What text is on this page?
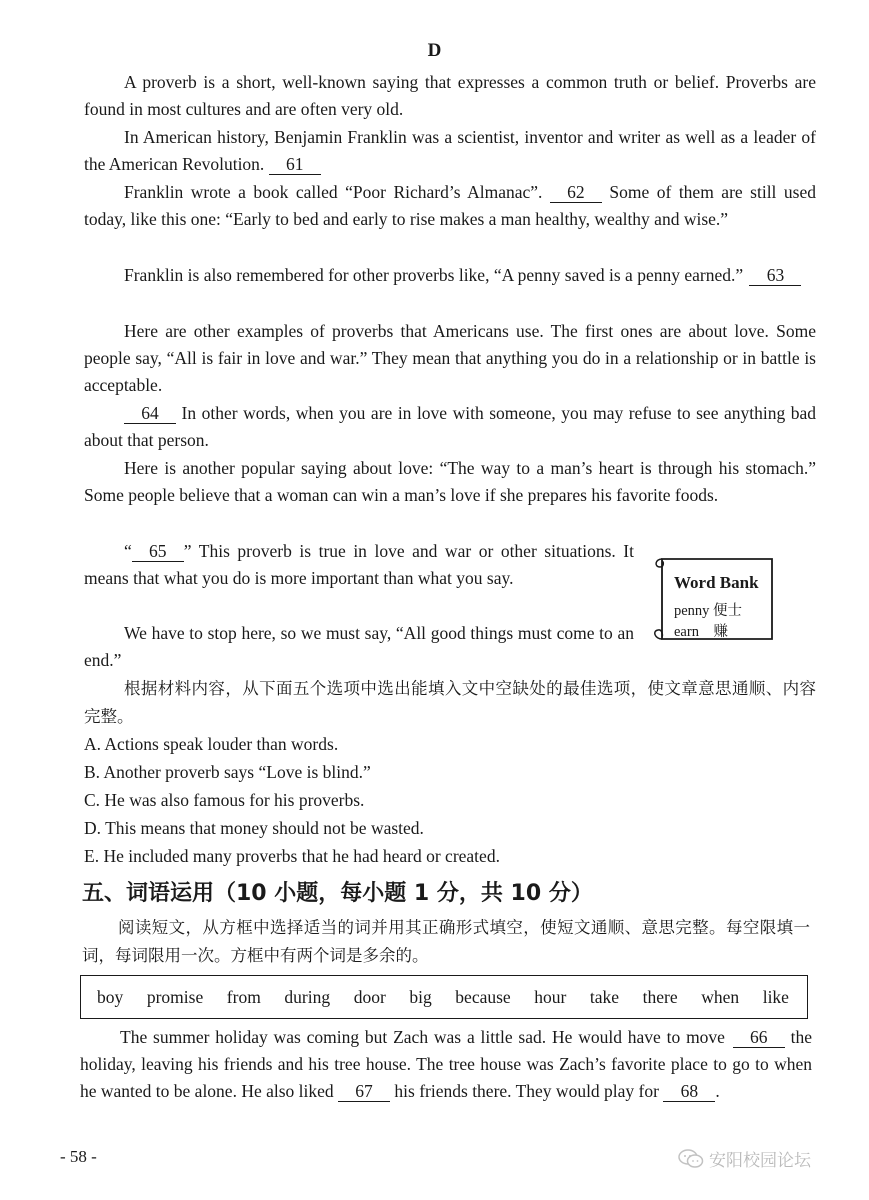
D
A proverb is a short, well-known saying that expresses a common truth or belief. Proverbs are found in most cultures and are often very old.
In American history, Benjamin Franklin was a scientist, inventor and writer as well as a leader of the American Revolution. 61
Franklin wrote a book called “Poor Richard’s Almanac”. 62 Some of them are still used today, like this one: “Early to bed and early to rise makes a man healthy, wealthy and wise.”
Franklin is also remembered for other proverbs like, “A penny saved is a penny earned.” 63
Here are other examples of proverbs that Americans use. The first ones are about love. Some people say, “All is fair in love and war.” They mean that anything you do in a relationship or in battle is acceptable.
64 In other words, when you are in love with someone, you may refuse to see anything bad about that person.
Here is another popular saying about love: “The way to a man’s heart is through his stomach.” Some people believe that a woman can win a man’s love if she prepares his favorite foods.
“ 65 ” This proverb is true in love and war or other situations. It means that what you do is more important than what you say.
We have to stop here, so we must say, “All good things must come to an end.”
Word Bank
penny 便士
earn　赚
根据材料内容，从下面五个选项中选出能填入文中空缺处的最佳选项，使文章意思通顺、内容完整。
A. Actions speak louder than words.
B. Another proverb says “Love is blind.”
C. He was also famous for his proverbs.
D. This means that money should not be wasted.
E. He included many proverbs that he had heard or created.
五、词语运用（10 小题，每小题 1 分，共 10 分）
阅读短文，从方框中选择适当的词并用其正确形式填空，使短文通顺、意思完整。每空限填一词，每词限用一次。方框中有两个词是多余的。
boy promise from during door big because hour take there when like
The summer holiday was coming but Zach was a little sad. He would have to move 66 the holiday, leaving his friends and his tree house. The tree house was Zach’s favorite place to go to when he wanted to be alone. He also liked 67 his friends there. They would play for 68 .
- 58 -	安阳校园论坛
